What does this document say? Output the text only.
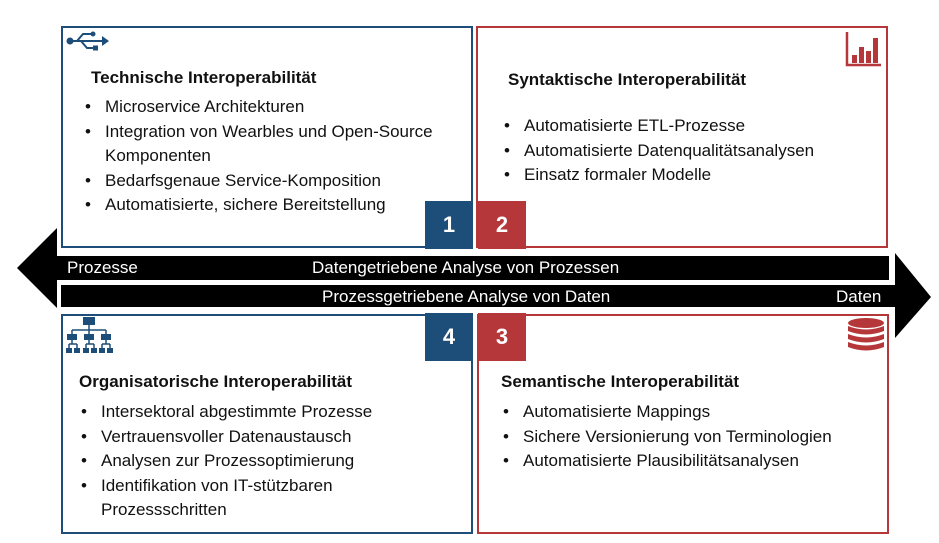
Technische Interoperabilität
• Microservice Architekturen
• Integration von Wearbles und Open-Source Komponenten
• Bedarfsgenaue Service-Komposition
• Automatisierte, sichere Bereitstellung
Syntaktische Interoperabilität
• Automatisierte ETL-Prozesse
• Automatisierte Datenqualitätsanalysen
• Einsatz formaler Modelle
Organisatorische Interoperabilität
• Intersektoral abgestimmte Prozesse
• Vertrauensvoller Datenaustausch
• Analysen zur Prozessoptimierung
• Identifikation von IT-stützbaren Prozessschritten
Semantische Interoperabilität
• Automatisierte Mappings
• Sichere Versionierung von Terminologien
• Automatisierte Plausibilitätsanalysen
Prozesse	Datengetriebene Analyse von Prozessen
Prozessgetriebene Analyse von Daten	Daten
1	2
4	3
